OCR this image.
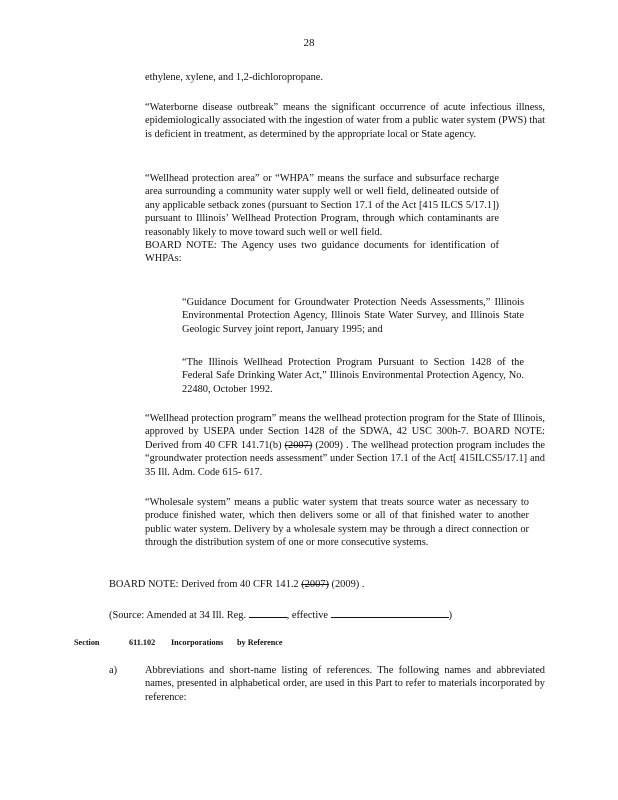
28

ethylene, xylene, and 1,2-dichloropropane.

“Waterborne disease outbreak” means the significant occurrence of acute infectious illness, epidemiologically associated with the ingestion of water from a public water system (PWS) that is deficient in treatment, as determined by the appropriate local or State agency.

“Wellhead protection area” or “WHPA” means the surface and subsurface recharge area surrounding a community water supply well or well field, delineated outside of any applicable setback zones (pursuant to Section 17.1 of the Act [415 ILCS 5/17.1]) pursuant to Illinois’ Wellhead Protection Program, through which contaminants are reasonably likely to move toward such well or well field.

BOARD NOTE: The Agency uses two guidance documents for identification of WHPAs:

“Guidance Document for Groundwater Protection Needs Assessments,” Illinois Environmental Protection Agency, Illinois State Water Survey, and Illinois State Geologic Survey joint report, January 1995; and

“The Illinois Wellhead Protection Program Pursuant to Section 1428 of the Federal Safe Drinking Water Act,” Illinois Environmental Protection Agency, No. 22480, October 1992.

“Wellhead protection program” means the wellhead protection program for the State of Illinois, approved by USEPA under Section 1428 of the SDWA, 42 USC 300h-7. BOARD NOTE: Derived from 40 CFR 141.71(b) (2007) (2009) . The wellhead protection program includes the “groundwater protection needs assessment” under Section 17.1 of the Act[ 415ILCS5/17.1] and 35 Ill. Adm. Code 615- 617.

“Wholesale system” means a public water system that treats source water as necessary to produce finished water, which then delivers some or all of that finished water to another public water system. Delivery by a wholesale system may be through a direct connection or through the distribution system of one or more consecutive systems.

BOARD NOTE: Derived from 40 CFR 141.2 (2007) (2009) .

(Source: Amended at 34 Ill. Reg.	, effective	)

Section	611.102 Incorporations by Reference
a)	Abbreviations and short-name listing of references. The following names and abbreviated names, presented in alphabetical order, are used in this Part to refer to materials incorporated by reference:
